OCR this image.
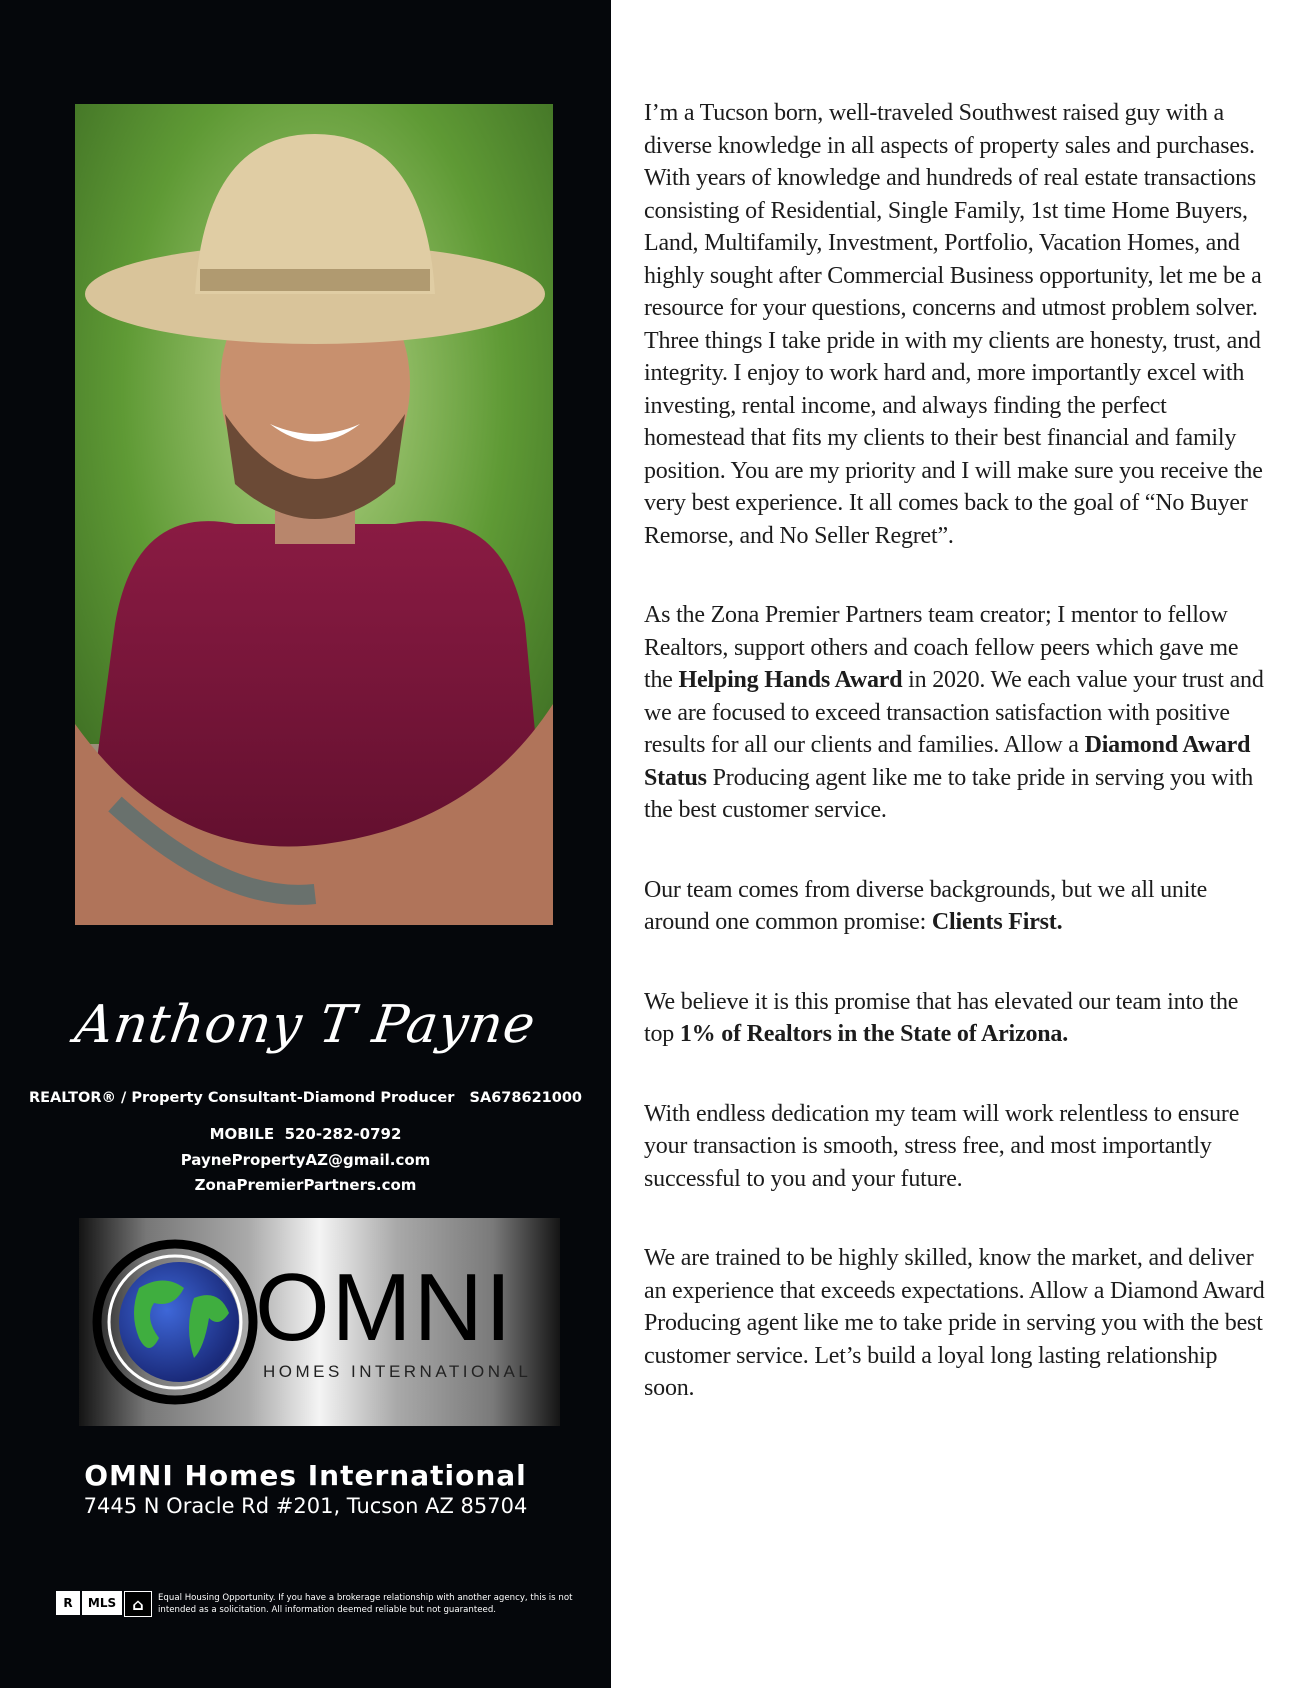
Anthony T Payne
REALTOR® / Property Consultant-Diamond Producer SA678621000
MOBILE 520-282-0792
PaynePropertyAZ@gmail.com
ZonaPremierPartners.com
OMNI
HOMES INTERNATIONAL
OMNI Homes International
7445 N Oracle Rd #201, Tucson AZ 85704
R	MLS	⌂	Equal Housing Opportunity. If you have a brokerage relationship with another agency, this is not intended as a solicitation. All information deemed reliable but not guaranteed.

I’m a Tucson born, well-traveled Southwest raised guy with a diverse knowledge in all aspects of property sales and purchases. With years of knowledge and hundreds of real estate transactions consisting of Residential, Single Family, 1st time Home Buyers, Land, Multifamily, Investment, Portfolio, Vacation Homes, and highly sought after Commercial Business opportunity, let me be a resource for your questions, concerns and utmost problem solver. Three things I take pride in with my clients are honesty, trust, and integrity. I enjoy to work hard and, more importantly excel with investing, rental income, and always finding the perfect homestead that fits my clients to their best financial and family position. You are my priority and I will make sure you receive the very best experience. It all comes back to the goal of “No Buyer Remorse, and No Seller Regret”.

As the Zona Premier Partners team creator; I mentor to fellow Realtors, support others and coach fellow peers which gave me the Helping Hands Award in 2020. We each value your trust and we are focused to exceed transaction satisfaction with positive results for all our clients and families. Allow a Diamond Award Status Producing agent like me to take pride in serving you with the best customer service.

Our team comes from diverse backgrounds, but we all unite around one common promise: Clients First.

We believe it is this promise that has elevated our team into the top 1% of Realtors in the State of Arizona.

With endless dedication my team will work relentless to ensure your transaction is smooth, stress free, and most importantly successful to you and your future.

We are trained to be highly skilled, know the market, and deliver an experience that exceeds expectations. Allow a Diamond Award Producing agent like me to take pride in serving you with the best customer service. Let’s build a loyal long lasting relationship soon.
